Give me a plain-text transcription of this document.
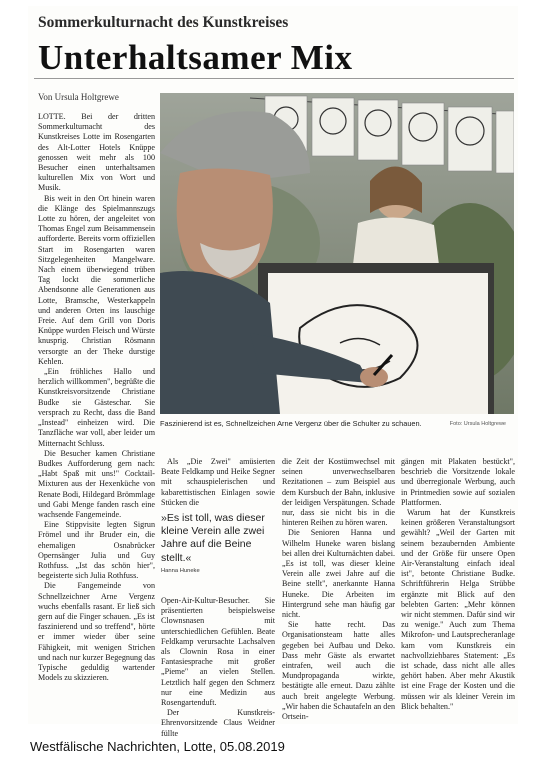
Sommerkulturnacht des Kunstkreises
Unterhaltsamer Mix
Von Ursula Holtgrewe

LOTTE. Bei der dritten Sommerkulturnacht des Kunstkreises Lotte im Rosengarten des Alt-Lotter Hotels Knüppe genossen weit mehr als 100 Besucher einen unterhaltsamen kulturellen Mix von Wort und Musik.

Bis weit in den Ort hinein waren die Klänge des Spielmannszugs Lotte zu hören, der angeleitet von Thomas Engel zum Beisammensein aufforderte. Bereits vorm offiziellen Start im Rosengarten waren Sitzgelegenheiten Mangelware. Nach einem überwiegend trüben Tag lockt die sommerliche Abendsonne alle Generationen aus Lotte, Bramsche, Westerkappeln und anderen Orten ins lauschige Freie. Auf dem Grill von Doris Knüppe wurden Fleisch und Würste knusprig. Christian Rösmann versorgte an der Theke durstige Kehlen.

„Ein fröhliches Hallo und herzlich willkommen", begrüßte die Kunstkreisvorsitzende Christiane Budke sie Gästeschar. Sie versprach zu Recht, dass die Band „Instead" einheizen wird. Die Tanzfläche war voll, aber leider um Mitternacht Schluss.

Die Besucher kamen Christiane Budkes Aufforderung gern nach: „Habt Spaß mit uns!" Cocktail-Mixturen aus der Hexenküche von Renate Bodi, Hildegard Brömmlage und Gabi Menge fanden rasch eine wachsende Fangemeinde.

Eine Stippvisite legten Sigrun Frömel und ihr Bruder ein, die ehemaligen Osnabrücker Opernsänger Julia und Guy Rothfuss. „Ist das schön hier", begeisterte sich Julia Rothfuss.

Die Fangemeinde von Schnellzeichner Arne Vergenz wuchs ebenfalls rasant. Er ließ sich gern auf die Finger schauen. „Es ist faszinierend und so treffend", hörte er immer wieder über seine Fähigkeit, mit wenigen Strichen und nach nur kurzer Begegnung das Typische geduldig wartender Models zu skizzieren.

Faszinierend ist es, Schnellzeichen Arne Vergenz über die Schulter zu schauen.	Foto: Ursula Holtgrewe

Als „Die Zwei" amüsierten Beate Feldkamp und Heike Segner mit schauspielerischen und kabarettistischen Einlagen sowie Stücken die

Open-Air-Kultur-Besucher. Sie präsentierten beispielsweise Clownsnasen mit unterschiedlichen Gefühlen. Beate Feldkamp verursachte Lachsalven als Clownin Rosa in einer Fantasiesprache mit großer „Pieme" an vielen Stellen. Letztlich half gegen den Schmerz nur eine Medizin aus Rosengartenduft.

Der Kunstkreis-Ehrenvorsitzende Claus Weidner füllte

»Es ist toll, was dieser kleine Verein alle zwei Jahre auf die Beine stellt.«
Hanna Huneke

die Zeit der Kostümwechsel mit seinen unverwechselbaren Rezitationen – zum Beispiel aus dem Kursbuch der Bahn, inklusive der leidigen Verspätungen. Schade nur, dass sie nicht bis in die hinteren Reihen zu hören waren.

Die Senioren Hanna und Wilhelm Huneke waren bislang bei allen drei Kulturnächten dabei. „Es ist toll, was dieser kleine Verein alle zwei Jahre auf die Beine stellt", anerkannte Hanna Huneke. Die Arbeiten im Hintergrund sehe man häufig gar nicht.

Sie hatte recht. Das Organisationsteam hatte alles gegeben bei Aufbau und Deko. Dass mehr Gäste als erwartet eintrafen, weil auch die Mundpropaganda wirkte, bestätigte alle erneut. Dazu zählte auch breit angelegte Werbung. „Wir haben die Schautafeln an den Ortsein-

gängen mit Plakaten bestückt", beschrieb die Vorsitzende lokale und überregionale Werbung, auch in Printmedien sowie auf sozialen Plattformen.

Warum hat der Kunstkreis keinen größeren Veranstaltungsort gewählt? „Weil der Garten mit seinem bezaubernden Ambiente und der Größe für unsere Open Air-Veranstaltung einfach ideal ist", betonte Christiane Budke. Schriftführerin Helga Strübbe ergänzte mit Blick auf den belebten Garten: „Mehr können wir nicht stemmen. Dafür sind wir zu wenige." Auch zum Thema Mikrofon- und Lautsprecheranlage kam vom Kunstkreis ein nachvollziehbares Statement: „Es ist schade, dass nicht alle alles gehört haben. Aber mehr Akustik ist eine Frage der Kosten und die müssen wir als kleiner Verein im Blick behalten."

Westfälische Nachrichten, Lotte, 05.08.2019
